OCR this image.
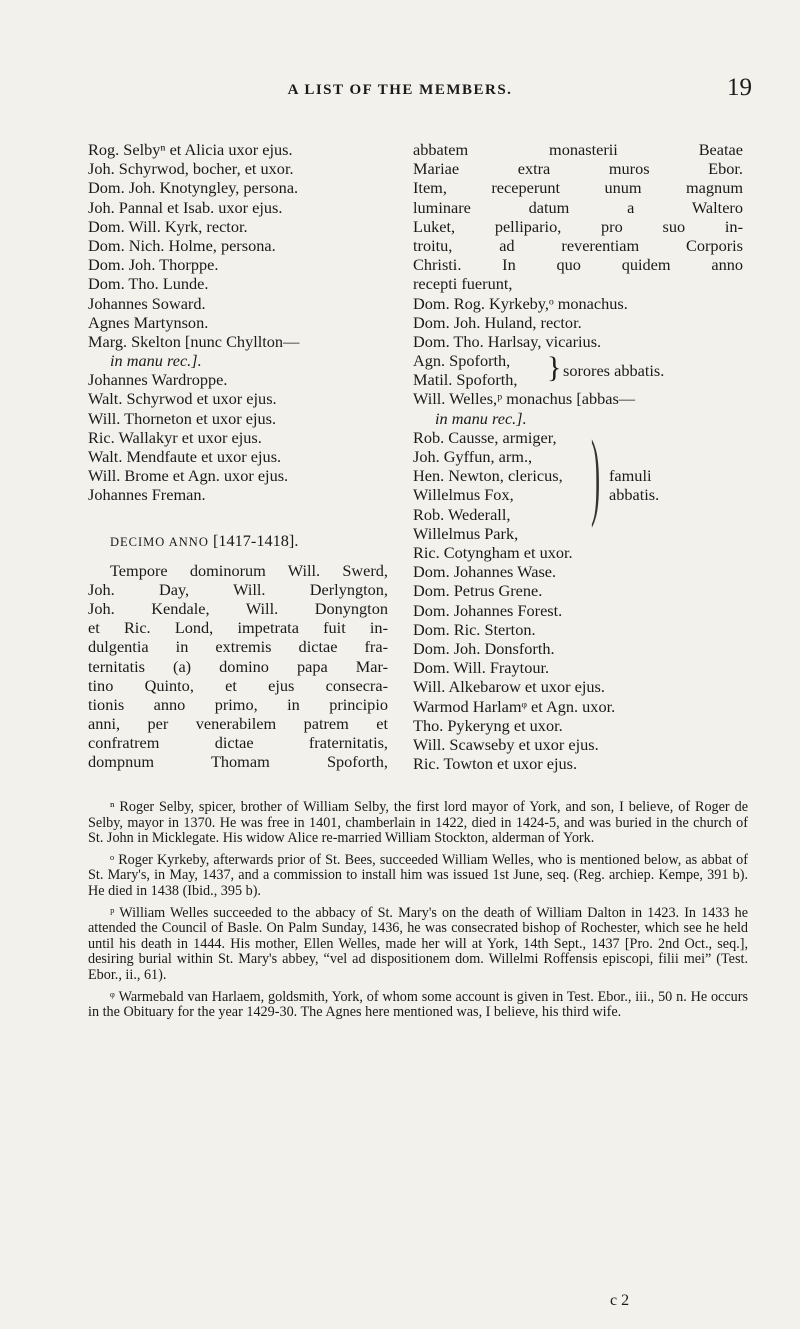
A LIST OF THE MEMBERS.	19
Rog. Selbyⁿ et Alicia uxor ejus.
Joh. Schyrwod, bocher, et uxor.
Dom. Joh. Knotyngley, persona.
Joh. Pannal et Isab. uxor ejus.
Dom. Will. Kyrk, rector.
Dom. Nich. Holme, persona.
Dom. Joh. Thorppe.
Dom. Tho. Lunde.
Johannes Soward.
Agnes Martynson.
Marg. Skelton [nunc Chyllton—
in manu rec.].
Johannes Wardroppe.
Walt. Schyrwod et uxor ejus.
Will. Thorneton et uxor ejus.
Ric. Wallakyr et uxor ejus.
Walt. Mendfaute et uxor ejus.
Will. Brome et Agn. uxor ejus.
Johannes Freman.
DECIMO ANNO [1417-1418].
Tempore dominorum Will. Swerd,
Joh. Day, Will. Derlyngton,
Joh. Kendale, Will. Donyngton
et Ric. Lond, impetrata fuit in-
dulgentia in extremis dictae fra-
ternitatis (a) domino papa Mar-
tino Quinto, et ejus consecra-
tionis anno primo, in principio
anni, per venerabilem patrem et
confratrem dictae fraternitatis,
dompnum Thomam Spoforth,
abbatem monasterii Beatae
Mariae extra muros Ebor.
Item, receperunt unum magnum
luminare datum a Waltero
Luket, pellipario, pro suo in-
troitu, ad reverentiam Corporis
Christi. In quo quidem anno
recepti fuerunt,
Dom. Rog. Kyrkeby,ᵒ monachus.
Dom. Joh. Huland, rector.
Dom. Tho. Harlsay, vicarius.
Agn. Spoforth,
Matil. Spoforth, } sorores abbatis.
Will. Welles,ᵖ monachus [abbas—
in manu rec.].
Rob. Causse, armiger,
Joh. Gyffun, arm.,
Hen. Newton, clericus,
Willelmus Fox,
Rob. Wederall,
Willelmus Park,
) famuli
abbatis.
Ric. Cotyngham et uxor.
Dom. Johannes Wase.
Dom. Petrus Grene.
Dom. Johannes Forest.
Dom. Ric. Sterton.
Dom. Joh. Donsforth.
Dom. Will. Fraytour.
Will. Alkebarow et uxor ejus.
Warmod Harlamᵠ et Agn. uxor.
Tho. Pykeryng et uxor.
Will. Scawseby et uxor ejus.
Ric. Towton et uxor ejus.

ⁿ Roger Selby, spicer, brother of William Selby, the first lord mayor of York, and son, I believe, of Roger de Selby, mayor in 1370. He was free in 1401, chamberlain in 1422, died in 1424-5, and was buried in the church of St. John in Micklegate. His widow Alice re-married William Stockton, alderman of York.

ᵒ Roger Kyrkeby, afterwards prior of St. Bees, succeeded William Welles, who is mentioned below, as abbat of St. Mary's, in May, 1437, and a commission to install him was issued 1st June, seq. (Reg. archiep. Kempe, 391 b). He died in 1438 (Ibid., 395 b).

ᵖ William Welles succeeded to the abbacy of St. Mary's on the death of William Dalton in 1423. In 1433 he attended the Council of Basle. On Palm Sunday, 1436, he was consecrated bishop of Rochester, which see he held until his death in 1444. His mother, Ellen Welles, made her will at York, 14th Sept., 1437 [Pro. 2nd Oct., seq.], desiring burial within St. Mary's abbey, “vel ad dispositionem dom. Willelmi Roffensis episcopi, filii mei” (Test. Ebor., ii., 61).

ᵠ Warmebald van Harlaem, goldsmith, York, of whom some account is given in Test. Ebor., iii., 50 n. He occurs in the Obituary for the year 1429-30. The Agnes here mentioned was, I believe, his third wife.

c 2
